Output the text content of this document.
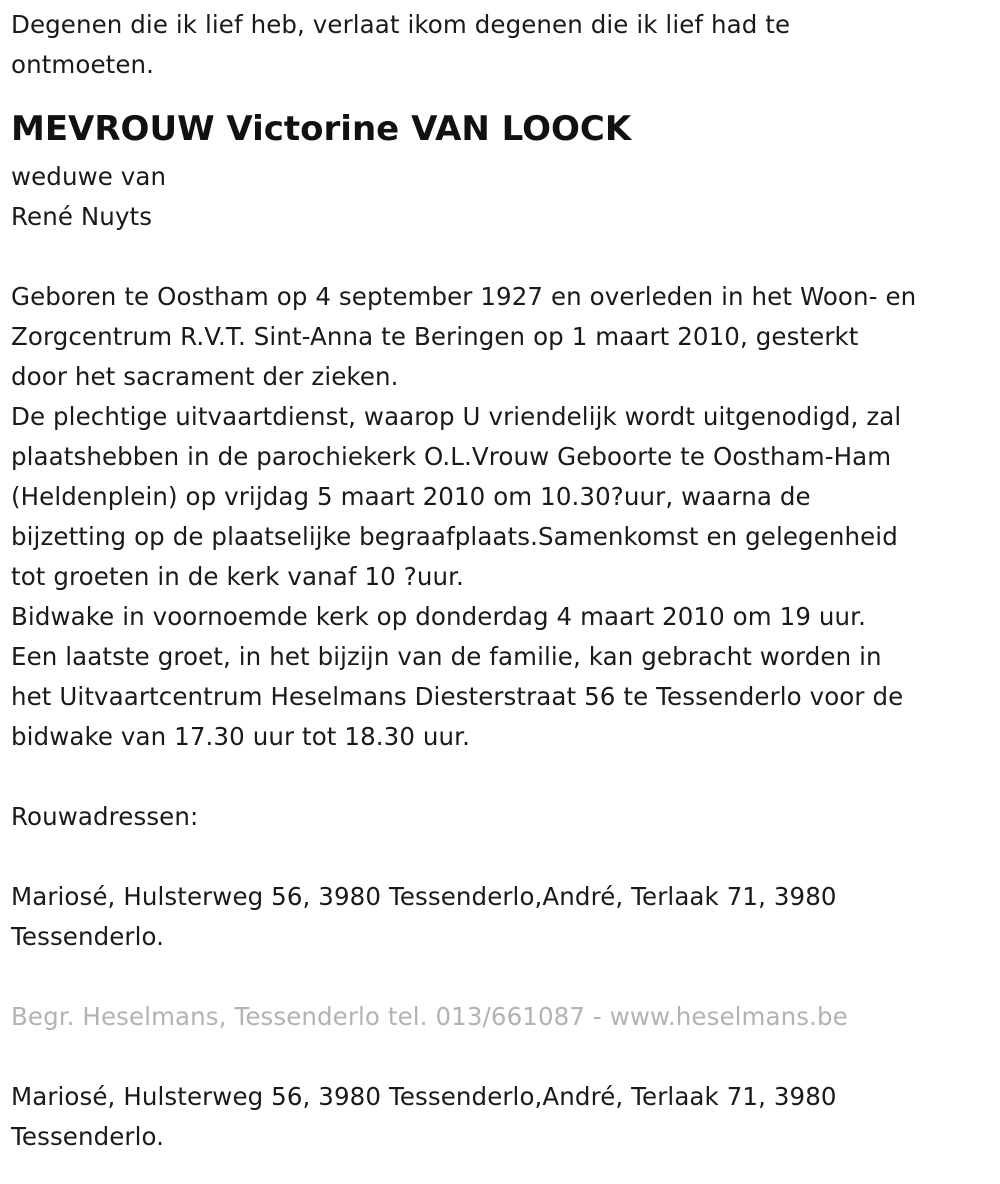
Degenen die ik lief heb, verlaat ikom degenen die ik lief had te
ontmoeten.
MEVROUW Victorine VAN LOOCK
weduwe van
René Nuyts
Geboren te Oostham op 4 september 1927 en overleden in het Woon- en
Zorgcentrum R.V.T. Sint-Anna te Beringen op 1 maart 2010, gesterkt
door het sacrament der zieken.
De plechtige uitvaartdienst, waarop U vriendelijk wordt uitgenodigd, zal
plaatshebben in de parochiekerk O.L.Vrouw Geboorte te Oostham-Ham
(Heldenplein) op vrijdag 5 maart 2010 om 10.30?uur, waarna de
bijzetting op de plaatselijke begraafplaats.Samenkomst en gelegenheid
tot groeten in de kerk vanaf 10 ?uur.
Bidwake in voornoemde kerk op donderdag 4 maart 2010 om 19 uur.
Een laatste groet, in het bijzijn van de familie, kan gebracht worden in
het Uitvaartcentrum Heselmans Diesterstraat 56 te Tessenderlo voor de
bidwake van 17.30 uur tot 18.30 uur.
Rouwadressen:
Mariosé, Hulsterweg 56, 3980 Tessenderlo,André, Terlaak 71, 3980
Tessenderlo.
Begr. Heselmans, Tessenderlo tel. 013/661087 - www.heselmans.be
Mariosé, Hulsterweg 56, 3980 Tessenderlo,André, Terlaak 71, 3980
Tessenderlo.
